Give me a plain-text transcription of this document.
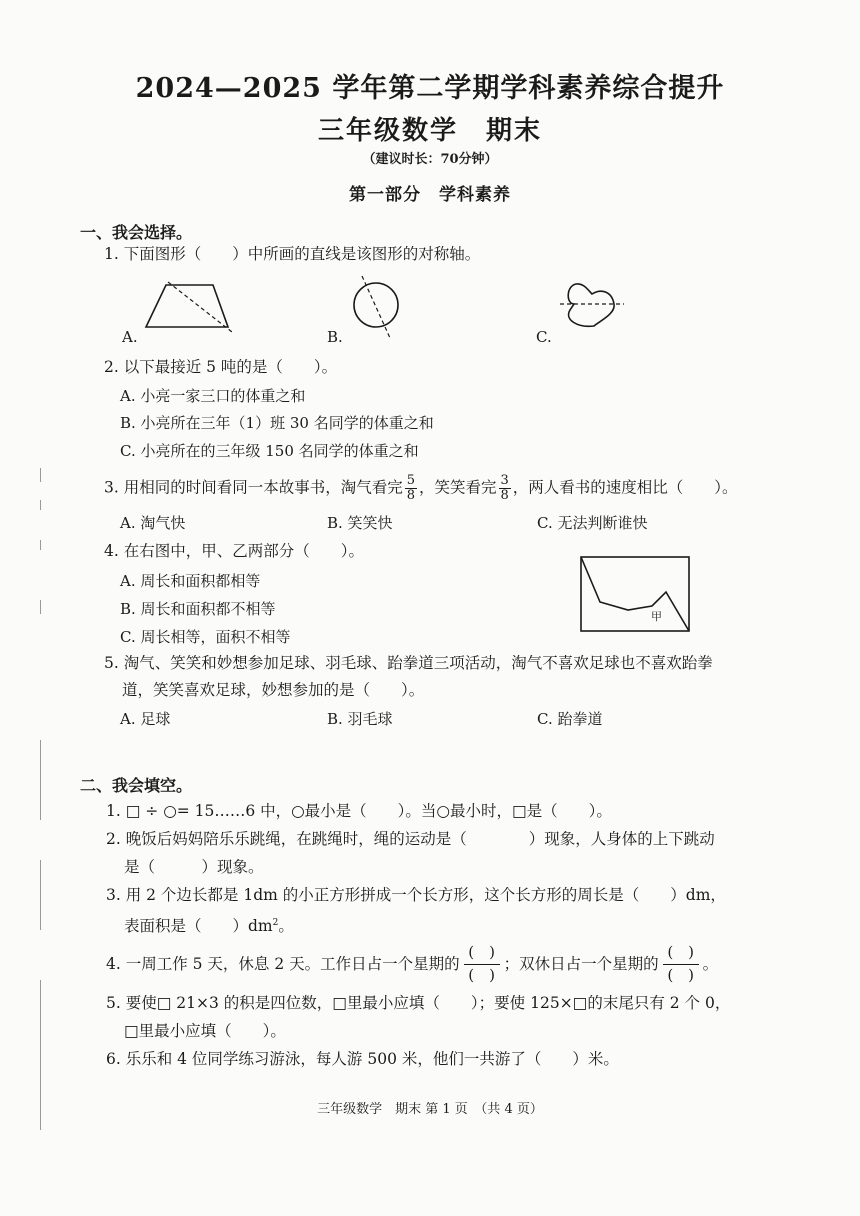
2024—2025 学年第二学期学科素养综合提升
三年级数学　期末
（建议时长：70分钟）
第一部分　学科素养
一、我会选择。
1. 下面图形（　　）中所画的直线是该图形的对称轴。
A.	B.	C.
2. 以下最接近 5 吨的是（　　）。
A. 小亮一家三口的体重之和
B. 小亮所在三年（1）班 30 名同学的体重之和
C. 小亮所在的三年级 150 名同学的体重之和
3. 用相同的时间看同一本故事书，淘气看完 $\frac{5}{8}$ ，笑笑看完 $\frac{3}{8}$ ，两人看书的速度相比（　　）。
A. 淘气快	B. 笑笑快	C. 无法判断谁快
4. 在右图中，甲、乙两部分（　　）。
A. 周长和面积都相等
B. 周长和面积都不相等
C. 周长相等，面积不相等
甲
5. 淘气、笑笑和妙想参加足球、羽毛球、跆拳道三项活动，淘气不喜欢足球也不喜欢跆拳
道，笑笑喜欢足球，妙想参加的是（　　）。
A. 足球	B. 羽毛球	C. 跆拳道
二、我会填空。
1. □ ÷ ○= 15……6 中，○最小是（　　）。当○最小时，□是（　　）。
2. 晚饭后妈妈陪乐乐跳绳，在跳绳时，绳的运动是（　　　　）现象，人身体的上下跳动
是（　　　）现象。
3. 用 2 个边长都是 1dm 的小正方形拼成一个长方形，这个长方形的周长是（　　）dm，
表面积是（　　）$dm^2$。
4. 一周工作 5 天，休息 2 天。工作日占一个星期的
(　)
(　)
；双休日占一个星期的
(　)
(　)
。
5. 要使□ 21×3 的积是四位数，□里最小应填（　　）；要使 125×□的末尾只有 2 个 0，
□里最小应填（　　）。
6. 乐乐和 4 位同学练习游泳，每人游 500 米，他们一共游了（　　）米。
三年级数学　期末 第 1 页　（共 4 页）
